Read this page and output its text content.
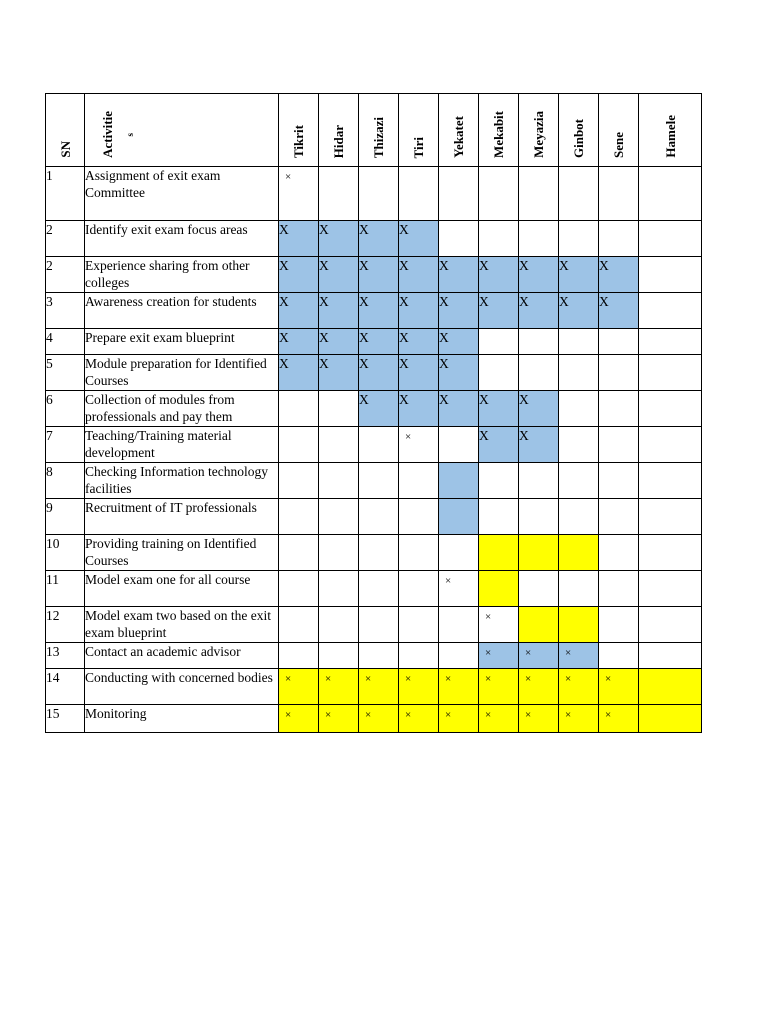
SN	Activitie s	Tikrit	Hidar	Thizazi	Tiri	Yekatet	Mekabit	Meyazia	Ginbot	Sene	Hamele

1	Assignment of exit exam Committee	×									
2	Identify exit exam focus areas	X	X	X	X						
2	Experience sharing from other colleges	X	X	X	X	X	X	X	X	X	
3	Awareness creation for students	X	X	X	X	X	X	X	X	X	
4	Prepare exit exam blueprint	X	X	X	X	X					
5	Module preparation for Identified Courses	X	X	X	X	X					
6	Collection of modules from professionals and pay them			X	X	X	X	X			
7	Teaching/Training material development				×		X	X			
8	Checking Information technology facilities										
9	Recruitment of IT professionals										
10	Providing training on Identified Courses										
11	Model exam one for all course					×					
12	Model exam two based on the exit exam blueprint						×				
13	Contact an academic advisor						×	×	×		
14	Conducting with concerned bodies	×	×	×	×	×	×	×	×	×	
15	Monitoring	×	×	×	×	×	×	×	×	×	
